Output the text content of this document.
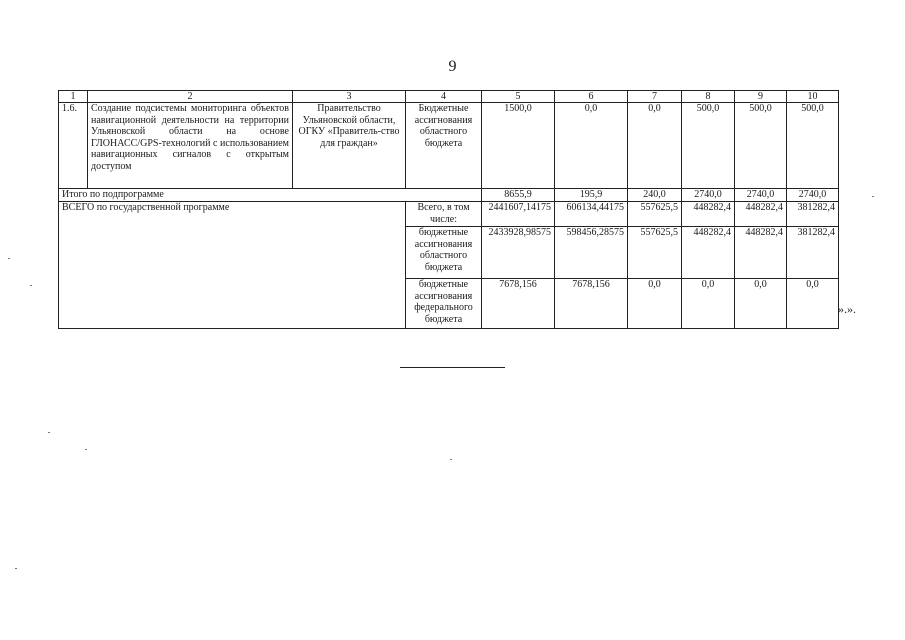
9
1	2	3	4	5	6	7	8	9	10
1.6.	Создание подсистемы мониторинга объектов навигационной деятельности на территории Ульяновской области на основе ГЛОНАСС/GPS-технологий с использованием навигационных сигналов с открытым доступом	Правительство Ульяновской области, ОГКУ «Правитель-ство для граждан»	Бюджетные ассигнования областного бюджета	1500,0	0,0	0,0	500,0	500,0	500,0
Итого по подпрограмме				8655,9	195,9	240,0	2740,0	2740,0	2740,0
ВСЕГО по государственной программе			Всего, в том числе:	2441607,14175	606134,44175	557625,5	448282,4	448282,4	381282,4
			бюджетные ассигнования областного бюджета	2433928,98575	598456,28575	557625,5	448282,4	448282,4	381282,4
			бюджетные ассигнования федерального бюджета	7678,156	7678,156	0,0	0,0	0,0	0,0
».».
